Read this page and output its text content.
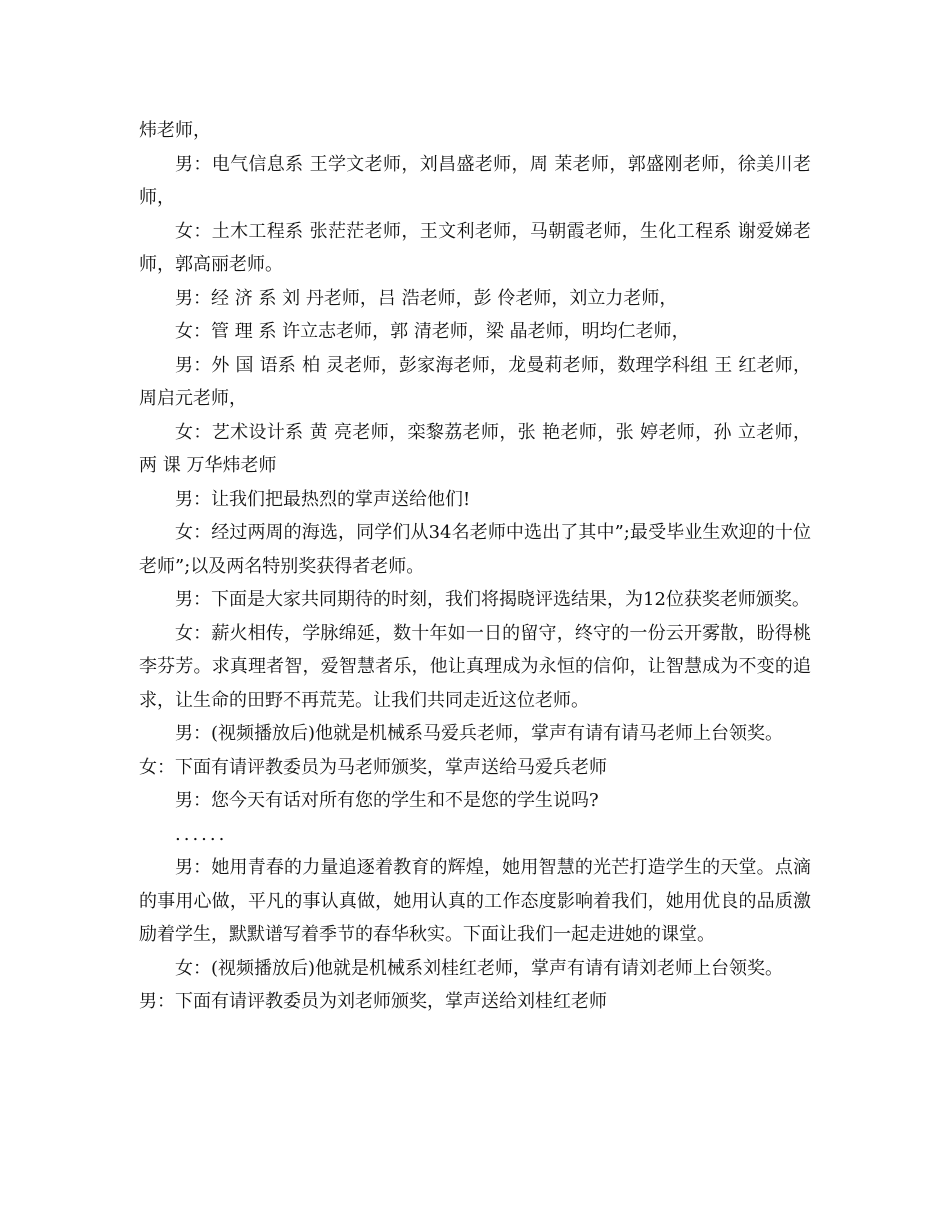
炜老师，

男：电气信息系 王学文老师，刘昌盛老师，周 茉老师，郭盛刚老师，徐美川老师，

女：土木工程系 张茫茫老师，王文利老师，马朝霞老师，生化工程系 谢爱娣老师，郭高丽老师。

男：经 济 系 刘 丹老师，吕 浩老师，彭 伶老师，刘立力老师，

女：管 理 系 许立志老师，郭 清老师，梁 晶老师，明均仁老师，

男：外 国 语系 柏 灵老师，彭家海老师，龙曼莉老师，数理学科组 王 红老师，周启元老师，

女：艺术设计系 黄 亮老师，栾黎荔老师，张 艳老师，张 婷老师，孙 立老师，两 课 万华炜老师

男：让我们把最热烈的掌声送给他们!

女：经过两周的海选，同学们从34名老师中选出了其中”;最受毕业生欢迎的十位老师”;以及两名特别奖获得者老师。

男：下面是大家共同期待的时刻，我们将揭晓评选结果，为12位获奖老师颁奖。

女：薪火相传，学脉绵延，数十年如一日的留守，终守的一份云开雾散，盼得桃李芬芳。求真理者智，爱智慧者乐，他让真理成为永恒的信仰，让智慧成为不变的追求，让生命的田野不再荒芜。让我们共同走近这位老师。

男：(视频播放后)他就是机械系马爱兵老师，掌声有请有请马老师上台领奖。

女：下面有请评教委员为马老师颁奖，掌声送给马爱兵老师

男：您今天有话对所有您的学生和不是您的学生说吗?

......

男：她用青春的力量追逐着教育的辉煌，她用智慧的光芒打造学生的天堂。点滴的事用心做，平凡的事认真做，她用认真的工作态度影响着我们，她用优良的品质激励着学生，默默谱写着季节的春华秋实。下面让我们一起走进她的课堂。

女：(视频播放后)他就是机械系刘桂红老师，掌声有请有请刘老师上台领奖。

男：下面有请评教委员为刘老师颁奖，掌声送给刘桂红老师
